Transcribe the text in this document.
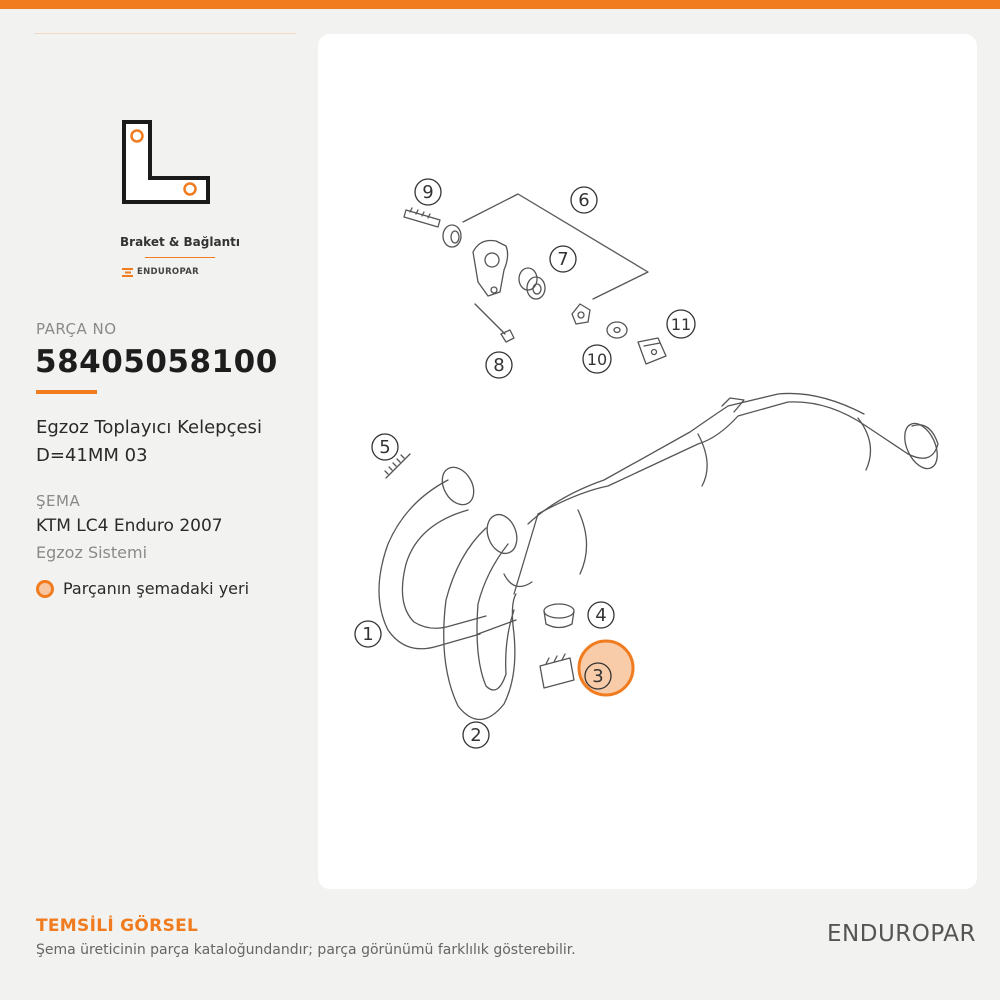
Braket & Bağlantı
ENDUROPAR
PARÇA NO
58405058100
Egzoz Toplayıcı Kelepçesi D=41MM 03
ŞEMA
KTM LC4 Enduro 2007
Egzoz Sistemi
Parçanın şemadaki yeri
1
2
3
4
5
6
7
8
9
10
11
TEMSİLİ GÖRSEL
Şema üreticinin parça kataloğundandır; parça görünümü farklılık gösterebilir.
ENDUROPAR
